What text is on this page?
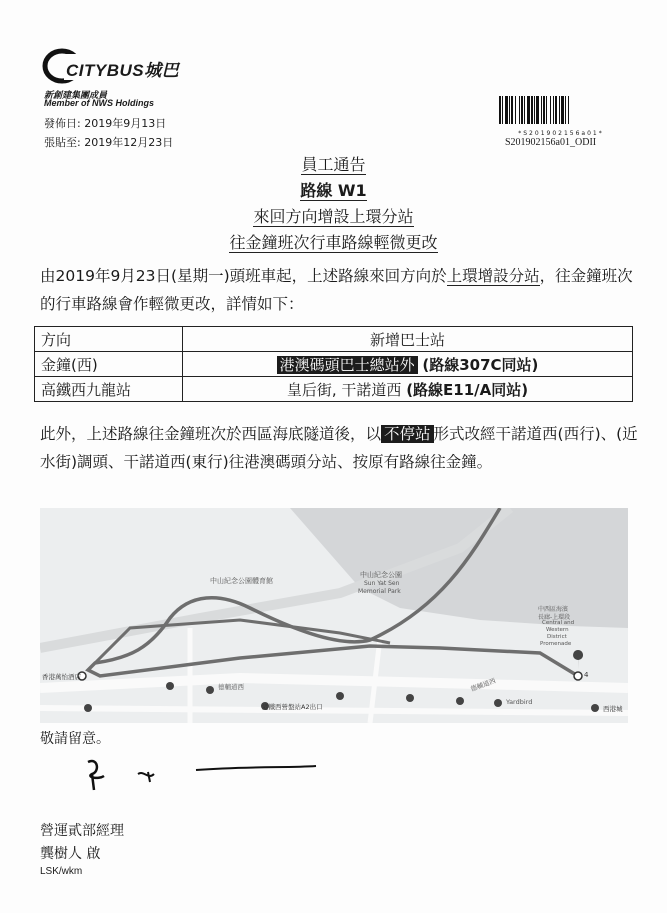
CITYBUS城巴
新創建集團成員
Member of NWS Holdings
發佈日: 2019年9月13日
張貼至: 2019年12月23日
*S201902156a01*
S201902156a01_ODII
員工通告
路線 W1
來回方向增設上環分站
往金鐘班次行車路線輕微更改
由2019年9月23日(星期一)頭班車起，上述路線來回方向於上環增設分站，往金鐘班次的行車路線會作輕微更改，詳情如下：
方向	新增巴士站
金鐘(西)	港澳碼頭巴士總站外 (路線307C同站)
高鐵西九龍站	皇后街, 干諾道西 (路線E11/A同站)
此外，上述路線往金鐘班次於西區海底隧道後，以 不停站 形式改經干諾道西(西行)、(近水街)調頭、干諾道西(東行)往港澳碼頭分站、按原有路線往金鐘。
中山紀念公園體育館
中山紀念公園
Sun Yat Sen
Memorial Park
中西區海濱
長廊-上環段
Central and
Western
District
Promenade
香港萬怡酒店
港鐵西營盤站A2出口
德輔道西	德輔道西
Yardbird
西港城
4
敬請留意。
營運貳部經理
龔樹人 啟
LSK/wkm
